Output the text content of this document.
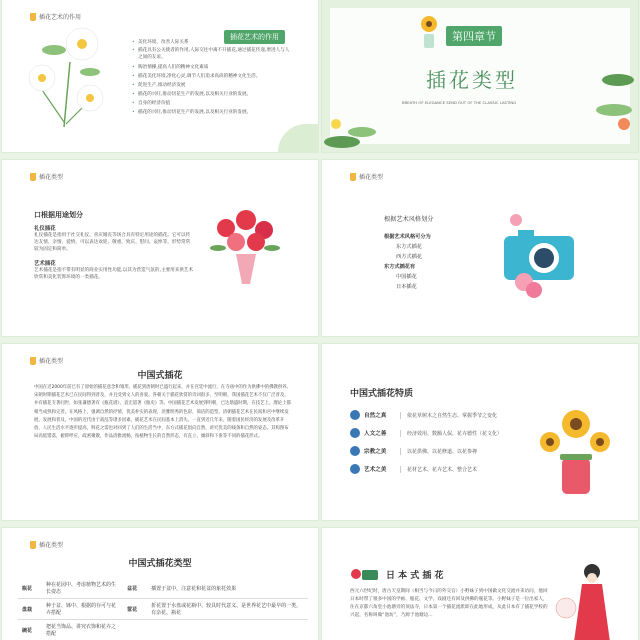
插花艺术的作用
• 美化环境，改善人际关系
• 插花具有公关使者的作用,人际交往中离不开插花,通过插花传递,增进人与人之间的友谊。
• 陶冶情操,提高人们的精神文化素质
• 插花美化环境,净化心灵,调节人们追求高尚的精神文化生活。
• 促进生产,推动经济发展
• 插花的兴旺,推动切花生产的发展,以及相关行业的发展。
• 自身的经济价值
• 插花的兴旺,推动切花生产的发展,以及相关行业的发展。
插花艺术的作用	第四章节
插花类型
BREATH OF ELEGANCE SEND OUT OF THE CLASSIC LASTING
插花类型
口根据用途划分
礼仪插花
礼仪插花是指用于社交礼仪、喜庆婚丧等场合具有特定用途的插花。它可以传达友情、亲情、爱情，可以表达欢迎、敬重、致庆、慰问、哀悼等，形势常常较为固定和简单。
艺术插花
艺术插花是指不带有明显的商业实用性功能,以其为营造气氛的,主要用来供艺术欣赏和美化装饰环境的一类插花。
插花类型
根据艺术风格划分
根据艺术风格可分为
东方式插花
西方式插花
东方式插花有
中国插花
日本插花
插花类型
中国式插花
中国在近2000年前已有了原始的插花意念和雏形。插花到唐朝时已盛行起来，并在宫廷中流行，在寺庙中的作为供佛中的佛教供养。宋朝时期插花艺术已在民间得到普及，并且受到文人的喜爱。各朝关于插花欣赏的诗词很多，至明朝，我国插花艺术不仅广泛普及，并有插花专著问世，如张谦德著有《瓶花谱》，袁宏道著《瓶史》等。中国插花艺术发展到明朝，已达鼎盛时期，在技艺上、理论上都相当成熟和完善。在风格上，强调自然的抒情，优美朴实的表现，淡雅明秀的色彩，简洁的造型。清朝插花艺术在民间和宫中继续发展，发展和普及。中国的近代由于战乱等诸多因素，插花艺术在民间基本上消失。一直到近几年来，随着国民经济的发展及改革开放，人民生活水平逐步提高，鲜花之需也对回到了人们的生活当中，东方式插花倡向自然，讲究优美的线条和自然的姿态。其构图布局高低错落，俯仰呼应，疏密聚散，作品清雅流畅。按植物生长的自然形态，有直立、倾斜和下垂等不同的插花形式。
中国式插花特质
自然之真	依花草树木之自然生态、掌握季节之变化
人文之善	经济效用、数额人侃、花卉德性（花文化）
宗教之美	以花供佛、以花修道、以花参禅
艺术之美	花材艺术、花卉艺术、整合艺术
插花类型
中国式插花类型
瓶花	种在花园中、考虑植物艺术的生长姿态	盆花	插置于盆中，注意花和花盆的象托效果
盘栽	种于盆、钵中、根据的存可与花卉搭配	筐花	折花置于水盘或花瓶中、较具时代意义、是世界花艺中最早的一类，有杂花、瓶花
碗花	把花当饰品、讲究衣饰和花卉之搭配		
日 本 式 插 花
西元六世纪时，唐古天皇期间（相当与今日的外交官）小野妹子到中国做文化交流并来访问，他回日本时带了很多中国的学画、瓶花、文学、戏剧还有回及供佛的瓶花等。小野妹子是一位出家人，住在京都六角堂小池塘旁的顶法寺，日本第一个插花流派即在此地形成，从此日本有了插花学校的兴起，名称叫做“池坊”，乃源于池塘边...
